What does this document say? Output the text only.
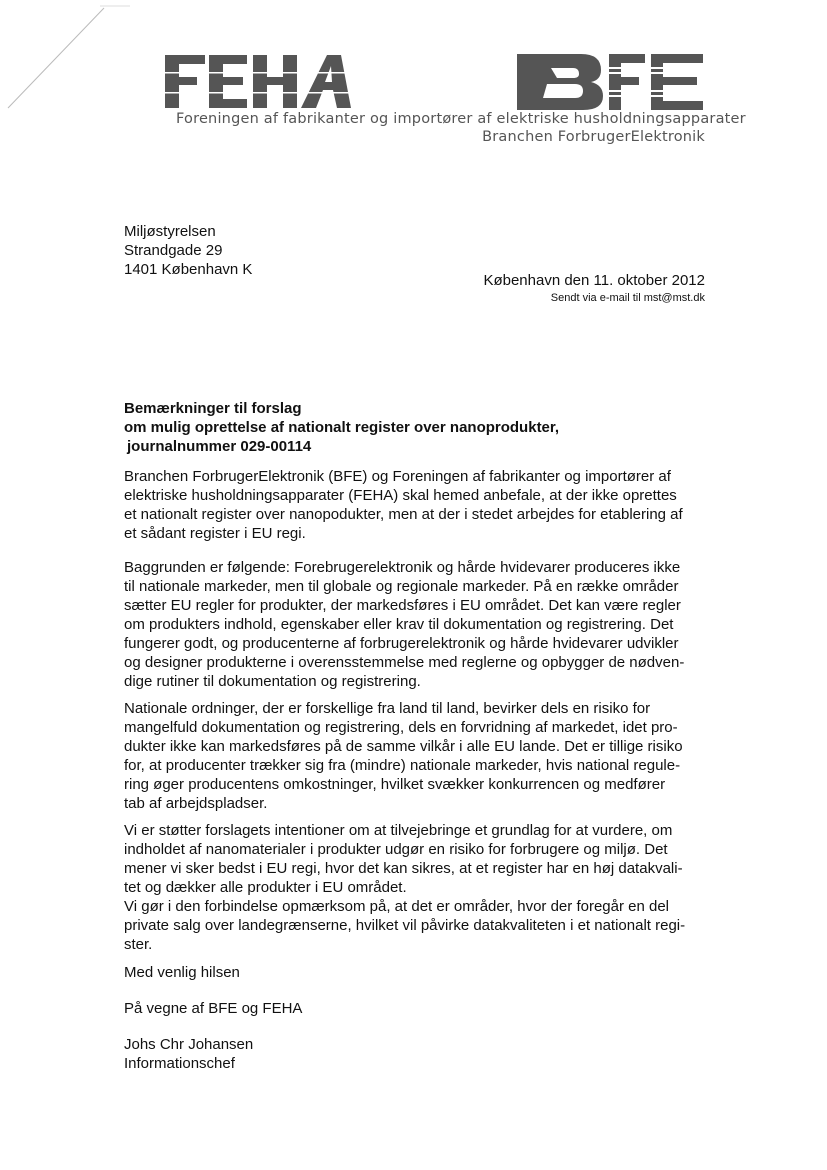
Foreningen af fabrikanter og importører af elektriske husholdningsapparater
Branchen ForbrugerElektronik
Miljøstyrelsen
Strandgade 29
1401 København K
København den 11. oktober 2012
Sendt via e-mail til mst@mst.dk
Bemærkninger til forslag
om mulig oprettelse af nationalt register over nanoprodukter,
journalnummer 029-00114
Branchen ForbrugerElektronik (BFE) og Foreningen af fabrikanter og importører af
elektriske husholdningsapparater (FEHA) skal hemed anbefale, at der ikke oprettes
et nationalt register over nanopodukter, men at der i stedet arbejdes for etablering af
et sådant register i EU regi.
Baggrunden er følgende: Forebrugerelektronik og hårde hvidevarer produceres ikke
til nationale markeder, men til globale og regionale markeder. På en række områder
sætter EU regler for produkter, der markedsføres i EU området. Det kan være regler
om produkters indhold, egenskaber eller krav til dokumentation og registrering. Det
fungerer godt, og producenterne af forbrugerelektronik og hårde hvidevarer udvikler
og designer produkterne i overensstemmelse med reglerne og opbygger de nødven-
dige rutiner til dokumentation og registrering.
Nationale ordninger, der er forskellige fra land til land, bevirker dels en risiko for
mangelfuld dokumentation og registrering, dels en forvridning af markedet, idet pro-
dukter ikke kan markedsføres på de samme vilkår i alle EU lande. Det er tillige risiko
for, at producenter trækker sig fra (mindre) nationale markeder, hvis national regule-
ring øger producentens omkostninger, hvilket svækker konkurrencen og medfører
tab af arbejdspladser.
Vi er støtter forslagets intentioner om at tilvejebringe et grundlag for at vurdere, om
indholdet af nanomaterialer i produkter udgør en risiko for forbrugere og miljø. Det
mener vi sker bedst i EU regi, hvor det kan sikres, at et register har en høj datakvali-
tet og dækker alle produkter i EU området.
Vi gør i den forbindelse opmærksom på, at det er områder, hvor der foregår en del
private salg over landegrænserne, hvilket vil påvirke datakvaliteten i et nationalt regi-
ster.
Med venlig hilsen
På vegne af BFE og FEHA
Johs Chr Johansen
Informationschef
